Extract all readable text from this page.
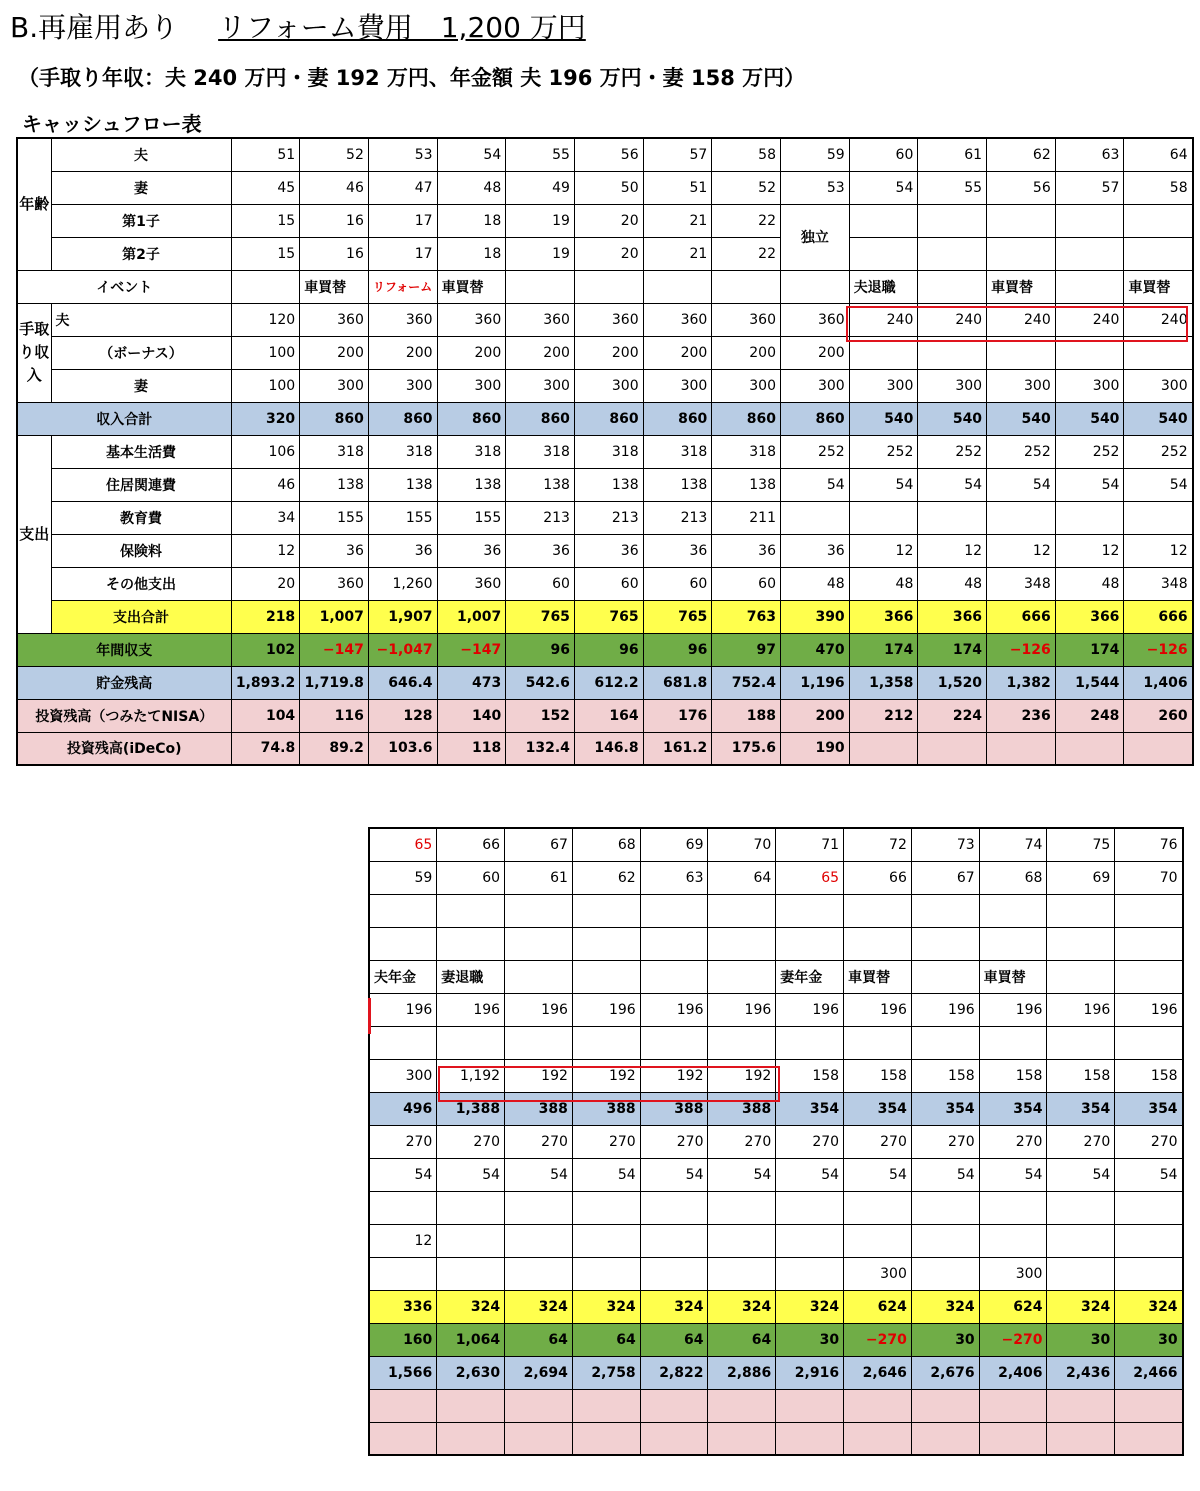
B.再雇用あり リフォーム費用　1,200 万円
（手取り年収：夫 240 万円・妻 192 万円、年金額 夫 196 万円・妻 158 万円）
キャッシュフロー表
年齢	夫	51	52	53	54	55	56	57	58	59	60	61	62	63	64
	妻	45	46	47	48	49	50	51	52	53	54	55	56	57	58
	第1子	15	16	17	18	19	20	21	22	独立					
	第2子	15	16	17	18	19	20	21	22						
イベント			車買替	リフォーム	車買替						夫退職		車買替		車買替
手取り収入	夫	120	360	360	360	360	360	360	360	360	240	240	240	240	240
	（ボーナス）	100	200	200	200	200	200	200	200	200					
	妻	100	300	300	300	300	300	300	300	300	300	300	300	300	300
収入合計		320	860	860	860	860	860	860	860	860	540	540	540	540	540
支出	基本生活費	106	318	318	318	318	318	318	318	252	252	252	252	252	252
	住居関連費	46	138	138	138	138	138	138	138	54	54	54	54	54	54
	教育費	34	155	155	155	213	213	213	211						
	保険料	12	36	36	36	36	36	36	36	36	12	12	12	12	12
	その他支出	20	360	1,260	360	60	60	60	60	48	48	48	348	48	348
	支出合計	218	1,007	1,907	1,007	765	765	765	763	390	366	366	666	366	666
年間収支		102	−147	−1,047	−147	96	96	96	97	470	174	174	−126	174	−126
貯金残高		1,893.2	1,719.8	646.4	473	542.6	612.2	681.8	752.4	1,196	1,358	1,520	1,382	1,544	1,406
投資残高（つみたてNISA）		104	116	128	140	152	164	176	188	200	212	224	236	248	260
投資残高(iDeCo)		74.8	89.2	103.6	118	132.4	146.8	161.2	175.6	190					
65	66	67	68	69	70	71	72	73	74	75	76
59	60	61	62	63	64	65	66	67	68	69	70

夫年金	妻退職					妻年金	車買替		車買替		
196	196	196	196	196	196	196	196	196	196	196	196

300	1,192	192	192	192	192	158	158	158	158	158	158
496	1,388	388	388	388	388	354	354	354	354	354	354
270	270	270	270	270	270	270	270	270	270	270	270
54	54	54	54	54	54	54	54	54	54	54	54

12											
							300		300		
336	324	324	324	324	324	324	624	324	624	324	324
160	1,064	64	64	64	64	30	−270	30	−270	30	30
1,566	2,630	2,694	2,758	2,822	2,886	2,916	2,646	2,676	2,406	2,436	2,466
